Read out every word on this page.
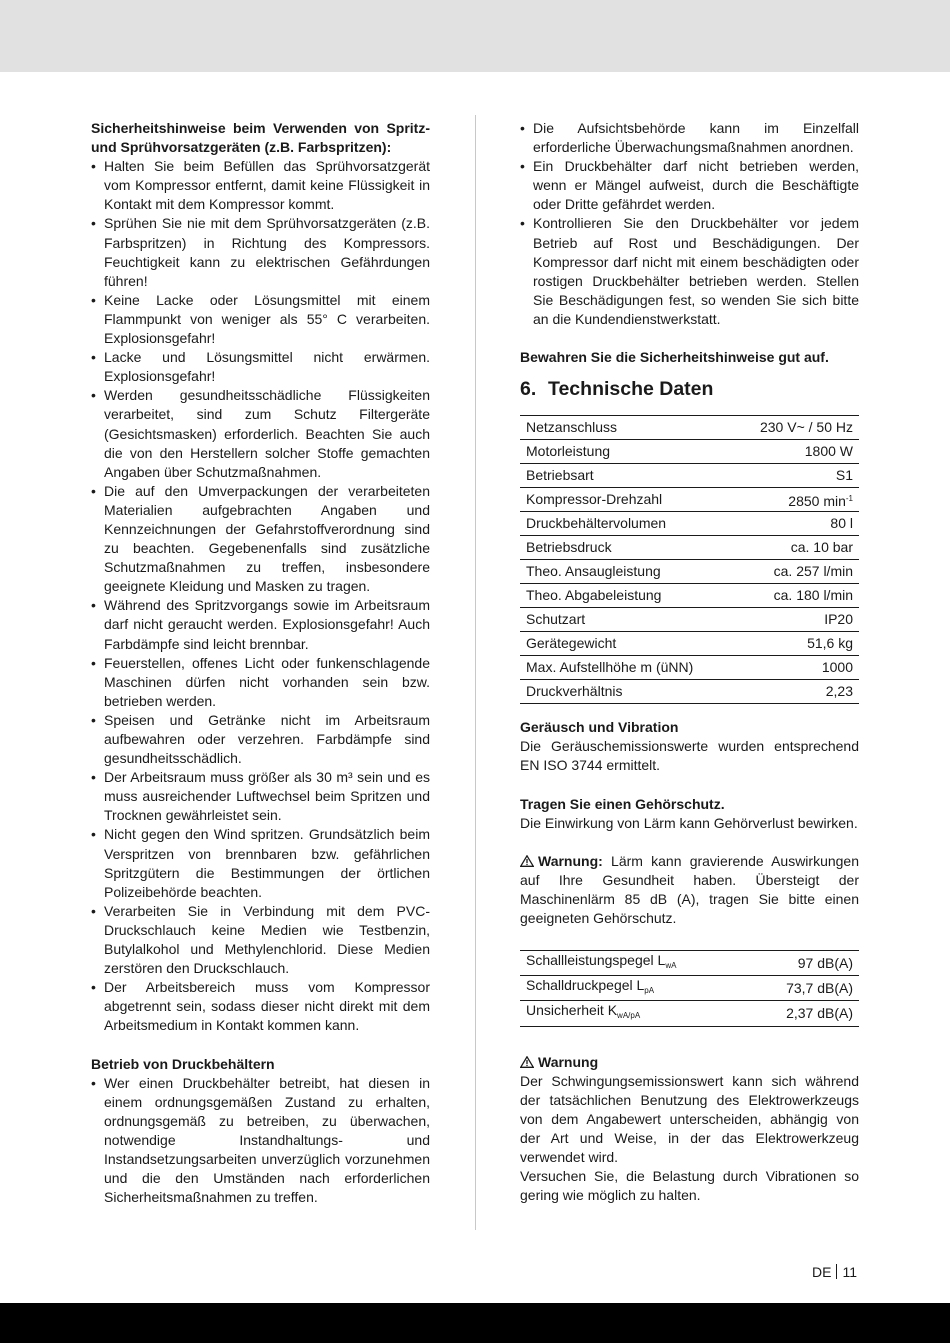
Sicherheitshinweise beim Verwenden von Spritz- und Sprühvorsatzgeräten (z.B. Farbspritzen):

• Halten Sie beim Befüllen das Sprühvorsatzgerät vom Kompressor entfernt, damit keine Flüssigkeit in Kontakt mit dem Kompressor kommt.
• Sprühen Sie nie mit dem Sprühvorsatzgeräten (z.B. Farbspritzen) in Richtung des Kompressors. Feuchtigkeit kann zu elektrischen Gefährdungen führen!
• Keine Lacke oder Lösungsmittel mit einem Flammpunkt von weniger als 55° C verarbeiten. Explosionsgefahr!
• Lacke und Lösungsmittel nicht erwärmen. Explosionsgefahr!
• Werden gesundheitsschädliche Flüssigkeiten verarbeitet, sind zum Schutz Filtergeräte (Gesichtsmasken) erforderlich. Beachten Sie auch die von den Herstellern solcher Stoffe gemachten Angaben über Schutzmaßnahmen.
• Die auf den Umverpackungen der verarbeiteten Materialien aufgebrachten Angaben und Kennzeichnungen der Gefahrstoffverordnung sind zu beachten. Gegebenenfalls sind zusätzliche Schutzmaßnahmen zu treffen, insbesondere geeignete Kleidung und Masken zu tragen.
• Während des Spritzvorgangs sowie im Arbeitsraum darf nicht geraucht werden. Explosionsgefahr! Auch Farbdämpfe sind leicht brennbar.
• Feuerstellen, offenes Licht oder funkenschlagende Maschinen dürfen nicht vorhanden sein bzw. betrieben werden.
• Speisen und Getränke nicht im Arbeitsraum aufbewahren oder verzehren. Farbdämpfe sind gesundheitsschädlich.
• Der Arbeitsraum muss größer als 30 m³ sein und es muss ausreichender Luftwechsel beim Spritzen und Trocknen gewährleistet sein.
• Nicht gegen den Wind spritzen. Grundsätzlich beim Verspritzen von brennbaren bzw. gefährlichen Spritzgütern die Bestimmungen der örtlichen Polizeibehörde beachten.
• Verarbeiten Sie in Verbindung mit dem PVC-Druckschlauch keine Medien wie Testbenzin, Butylalkohol und Methylenchlorid. Diese Medien zerstören den Druckschlauch.
• Der Arbeitsbereich muss vom Kompressor abgetrennt sein, sodass dieser nicht direkt mit dem Arbeitsmedium in Kontakt kommen kann.

Betrieb von Druckbehältern

• Wer einen Druckbehälter betreibt, hat diesen in einem ordnungsgemäßen Zustand zu erhalten, ordnungsgemäß zu betreiben, zu überwachen, notwendige Instandhaltungs- und Instandsetzungsarbeiten unverzüglich vorzunehmen und die den Umständen nach erforderlichen Sicherheitsmaßnahmen zu treffen.
• Die Aufsichtsbehörde kann im Einzelfall erforderliche Überwachungsmaßnahmen anordnen.
• Ein Druckbehälter darf nicht betrieben werden, wenn er Mängel aufweist, durch die Beschäftigte oder Dritte gefährdet werden.
• Kontrollieren Sie den Druckbehälter vor jedem Betrieb auf Rost und Beschädigungen. Der Kompressor darf nicht mit einem beschädigten oder rostigen Druckbehälter betrieben werden. Stellen Sie Beschädigungen fest, so wenden Sie sich bitte an die Kundendienstwerkstatt.

Bewahren Sie die Sicherheitshinweise gut auf.

6. Technische Daten
Netzanschluss	230 V~ / 50 Hz
Motorleistung	1800 W
Betriebsart	S1
Kompressor-Drehzahl	2850 $\min^{-1}$
Druckbehältervolumen	80 l
Betriebsdruck	ca. 10 bar
Theo. Ansaugleistung	ca. 257 l/min
Theo. Abgabeleistung	ca. 180 l/min
Schutzart	IP20
Gerätegewicht	51,6 kg
Max. Aufstellhöhe m (üNN)	1000
Druckverhältnis	2,23

Geräusch und Vibration

Die Geräuschemissionswerte wurden entsprechend EN ISO 3744 ermittelt.

Tragen Sie einen Gehörschutz.

Die Einwirkung von Lärm kann Gehörverlust bewirken.

Warnung: Lärm kann gravierende Auswirkungen auf Ihre Gesundheit haben. Übersteigt der Maschinenlärm 85 dB (A), tragen Sie bitte einen geeigneten Gehörschutz.

Schallleistungspegel $L_{wA}$	97 dB(A)
Schalldruckpegel $L_{pA}$	73,7 dB(A)
Unsicherheit $K_{wA/pA}$	2,37 dB(A)

Warnung

Der Schwingungsemissionswert kann sich während der tatsächlichen Benutzung des Elektrowerkzeugs von dem Angabewert unterscheiden, abhängig von der Art und Weise, in der das Elektrowerkzeug verwendet wird.

Versuchen Sie, die Belastung durch Vibrationen so gering wie möglich zu halten.

DE 11
